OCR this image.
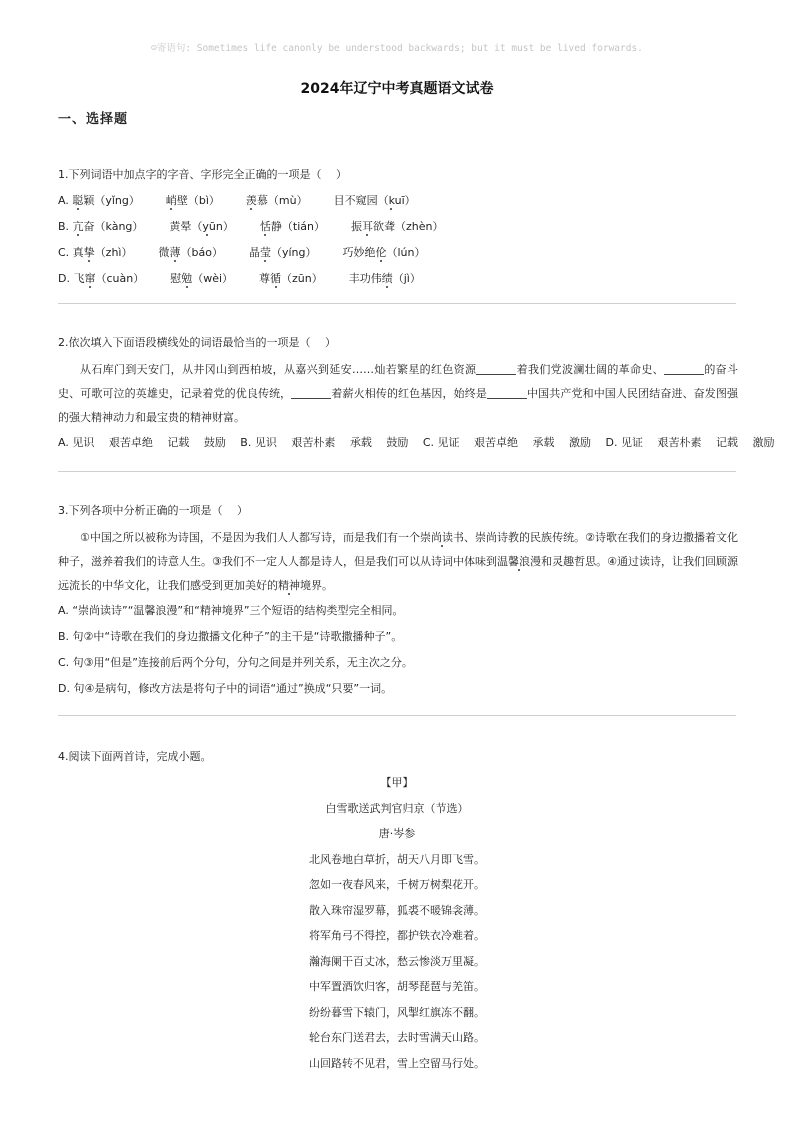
☺寄语句: Sometimes life canonly be understood backwards; but it must be lived forwards.
2024年辽宁中考真题语文试卷
一、选择题
1.下列词语中加点字的字音、字形完全正确的一项是（　 ）
A. 聪颖（yǐng） 峭壁（bì） 羡慕（mù） 目不窥园（kuī）
B. 亢奋（kàng） 黄晕（yūn） 恬静（tián） 振耳欲聋（zhèn）
C. 真挚（zhì） 微薄（báo） 晶莹（yíng） 巧妙绝伦（lún）
D. 飞窜（cuàn） 慰勉（wèi） 尊循（zūn） 丰功伟绩（jì）
2.依次填入下面语段横线处的词语最恰当的一项是（　 ）
从石库门到天安门，从井冈山到西柏坡，从嘉兴到延安……灿若繁星的红色资源	着我们党波澜壮阔的革命史、	的奋斗史、可歌可泣的英雄史，记录着党的优良传统，	着薪火相传的红色基因，始终是	中国共产党和中国人民团结奋进、奋发图强的强大精神动力和最宝贵的精神财富。
A. 见识　 艰苦卓绝　 记载　 鼓励　 B. 见识　 艰苦朴素　 承载　 鼓励　 C. 见证　 艰苦卓绝　 承载　 激励　 D. 见证　 艰苦朴素　 记载　 激励
3.下列各项中分析正确的一项是（　 ）
①中国之所以被称为诗国，不是因为我们人人都写诗，而是我们有一个崇尚读书、崇尚诗教的民族传统。②诗歌在我们的身边撒播着文化种子，滋养着我们的诗意人生。③我们不一定人人都是诗人，但是我们可以从诗词中体味到温馨浪漫和灵趣哲思。④通过读诗，让我们回顾源远流长的中华文化，让我们感受到更加美好的精神境界。
A. “崇尚读诗”“温馨浪漫”和“精神境界”三个短语的结构类型完全相同。
B. 句②中“诗歌在我们的身边撒播文化种子”的主干是“诗歌撒播种子”。
C. 句③用“但是”连接前后两个分句，分句之间是并列关系，无主次之分。
D. 句④是病句，修改方法是将句子中的词语“通过”换成“只要”一词。
4.阅读下面两首诗，完成小题。
【甲】
白雪歌送武判官归京（节选）
唐·岑参
北风卷地白草折，胡天八月即飞雪。
忽如一夜春风来，千树万树梨花开。
散入珠帘湿罗幕，狐裘不暖锦衾薄。
将军角弓不得控，都护铁衣冷难着。
瀚海阑干百丈冰，愁云惨淡万里凝。
中军置酒饮归客，胡琴琵琶与羌笛。
纷纷暮雪下辕门，风掣红旗冻不翻。
轮台东门送君去，去时雪满天山路。
山回路转不见君，雪上空留马行处。
